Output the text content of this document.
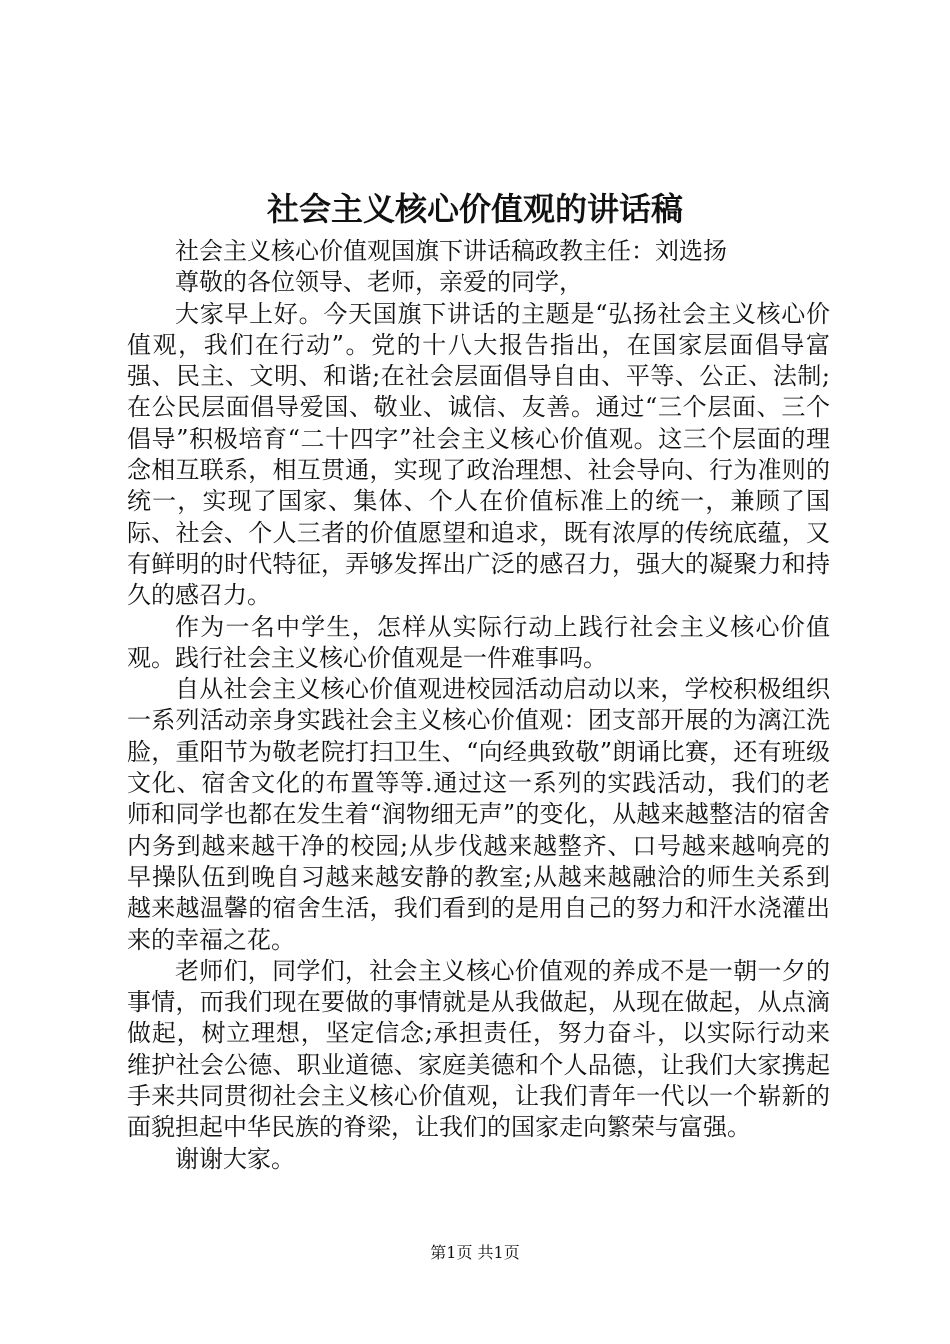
社会主义核心价值观的讲话稿

社会主义核心价值观国旗下讲话稿政教主任：刘选扬

尊敬的各位领导、老师，亲爱的同学，

大家早上好。今天国旗下讲话的主题是“弘扬社会主义核心价值观，我们在行动”。党的十八大报告指出，在国家层面倡导富强、民主、文明、和谐;在社会层面倡导自由、平等、公正、法制;在公民层面倡导爱国、敬业、诚信、友善。通过“三个层面、三个倡导”积极培育“二十四字”社会主义核心价值观。这三个层面的理念相互联系，相互贯通，实现了政治理想、社会导向、行为准则的统一，实现了国家、集体、个人在价值标准上的统一，兼顾了国际、社会、个人三者的价值愿望和追求，既有浓厚的传统底蕴，又有鲜明的时代特征，弄够发挥出广泛的感召力，强大的凝聚力和持久的感召力。

作为一名中学生，怎样从实际行动上践行社会主义核心价值观。践行社会主义核心价值观是一件难事吗。

自从社会主义核心价值观进校园活动启动以来，学校积极组织一系列活动亲身实践社会主义核心价值观：团支部开展的为漓江洗脸，重阳节为敬老院打扫卫生、“向经典致敬”朗诵比赛，还有班级文化、宿舍文化的布置等等.通过这一系列的实践活动，我们的老师和同学也都在发生着“润物细无声”的变化，从越来越整洁的宿舍内务到越来越干净的校园;从步伐越来越整齐、口号越来越响亮的早操队伍到晚自习越来越安静的教室;从越来越融洽的师生关系到越来越温馨的宿舍生活，我们看到的是用自己的努力和汗水浇灌出来的幸福之花。

老师们，同学们，社会主义核心价值观的养成不是一朝一夕的事情，而我们现在要做的事情就是从我做起，从现在做起，从点滴做起，树立理想，坚定信念;承担责任，努力奋斗，以实际行动来维护社会公德、职业道德、家庭美德和个人品德，让我们大家携起手来共同贯彻社会主义核心价值观，让我们青年一代以一个崭新的面貌担起中华民族的脊梁，让我们的国家走向繁荣与富强。

谢谢大家。

第1页 共1页
